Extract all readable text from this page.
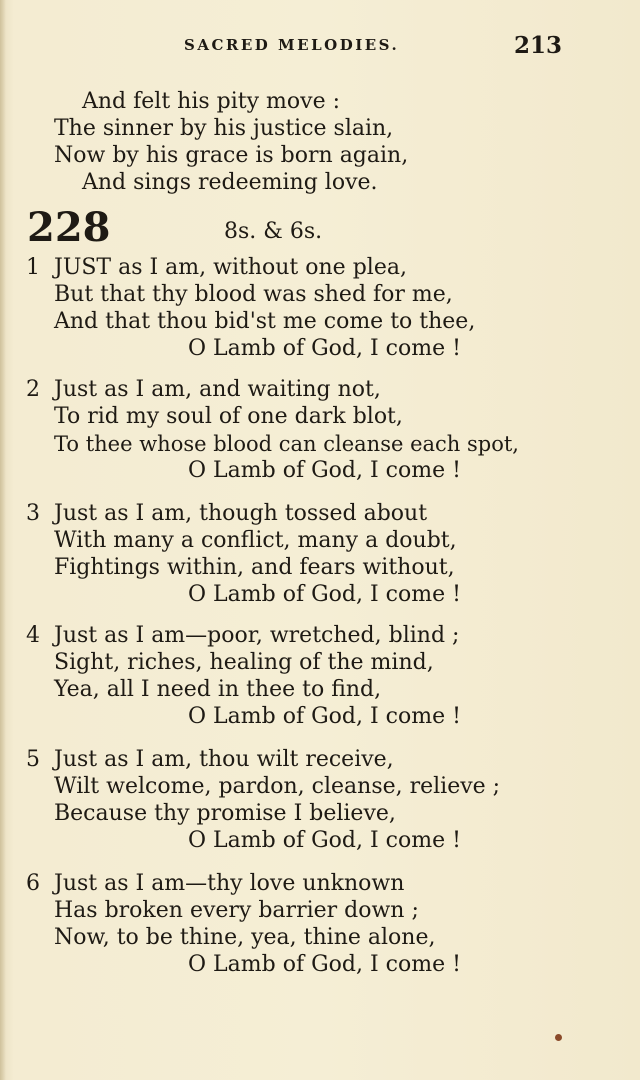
SACRED MELODIES.	213
And felt his pity move :
The sinner by his justice slain,
Now by his grace is born again,
And sings redeeming love.
228	8s. & 6s.
1 JUST as I am, without one plea,
But that thy blood was shed for me,
And that thou bid'st me come to thee,
O Lamb of God, I come !
2 Just as I am, and waiting not,
To rid my soul of one dark blot,
To thee whose blood can cleanse each spot,
O Lamb of God, I come !
3 Just as I am, though tossed about
With many a conflict, many a doubt,
Fightings within, and fears without,
O Lamb of God, I come !
4 Just as I am—poor, wretched, blind ;
Sight, riches, healing of the mind,
Yea, all I need in thee to find,
O Lamb of God, I come !
5 Just as I am, thou wilt receive,
Wilt welcome, pardon, cleanse, relieve ;
Because thy promise I believe,
O Lamb of God, I come !
6 Just as I am—thy love unknown
Has broken every barrier down ;
Now, to be thine, yea, thine alone,
O Lamb of God, I come !
